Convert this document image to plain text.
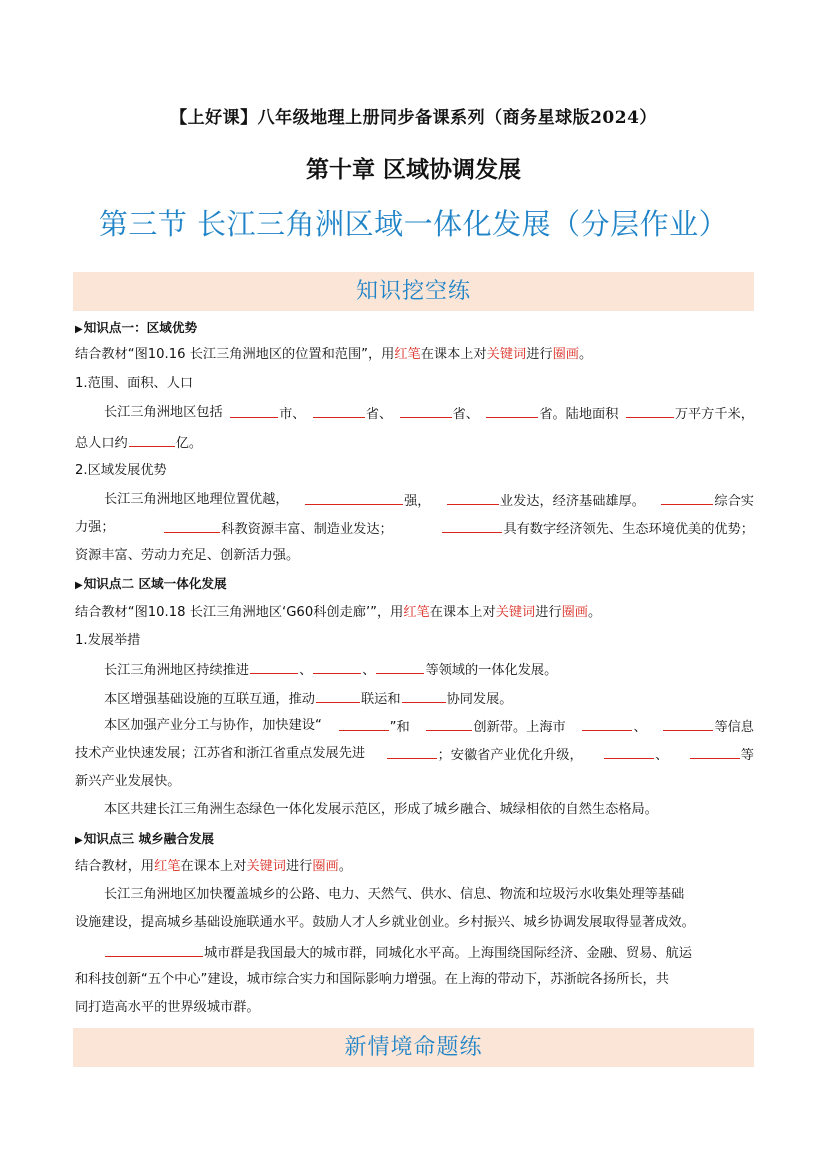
【上好课】八年级地理上册同步备课系列（商务星球版2024）
第十章 区域协调发展
第三节 长江三角洲区域一体化发展（分层作业）
知识挖空练
▶知识点一：区域优势
结合教材“图10.16 长江三角洲地区的位置和范围”，用红笔在课本上对关键词进行圈画。
1.范围、面积、人口
长江三角洲地区包括	市、	省、	省、	省。陆地面积	万平方千米，
总人口约	亿。
2.区域发展优势
长江三角洲地区地理位置优越，	强，	业发达，经济基础雄厚。	综合实
力强；	科教资源丰富、制造业发达；	具有数字经济领先、生态环境优美的优势；
资源丰富、劳动力充足、创新活力强。
▶知识点二 区域一体化发展
结合教材“图10.18 长江三角洲地区‘G60科创走廊’”，用红笔在课本上对关键词进行圈画。
1.发展举措
长江三角洲地区持续推进	、	、	等领域的一体化发展。
本区增强基础设施的互联互通，推动	联运和	协同发展。
本区加强产业分工与协作，加快建设“	”和	创新带。上海市	、	等信息
技术产业快速发展；江苏省和浙江省重点发展先进	；安徽省产业优化升级，	、	等
新兴产业发展快。
本区共建长江三角洲生态绿色一体化发展示范区，形成了城乡融合、城绿相依的自然生态格局。
▶知识点三 城乡融合发展
结合教材，用红笔在课本上对关键词进行圈画。
长江三角洲地区加快覆盖城乡的公路、电力、天然气、供水、信息、物流和垃圾污水收集处理等基础
设施建设，提高城乡基础设施联通水平。鼓励人才人乡就业创业。乡村振兴、城乡协调发展取得显著成效。
城市群是我国最大的城市群，同城化水平高。上海围绕国际经济、金融、贸易、航运
和科技创新“五个中心”建设，城市综合实力和国际影响力增强。在上海的带动下，苏浙皖各扬所长，共
同打造高水平的世界级城市群。
新情境命题练
